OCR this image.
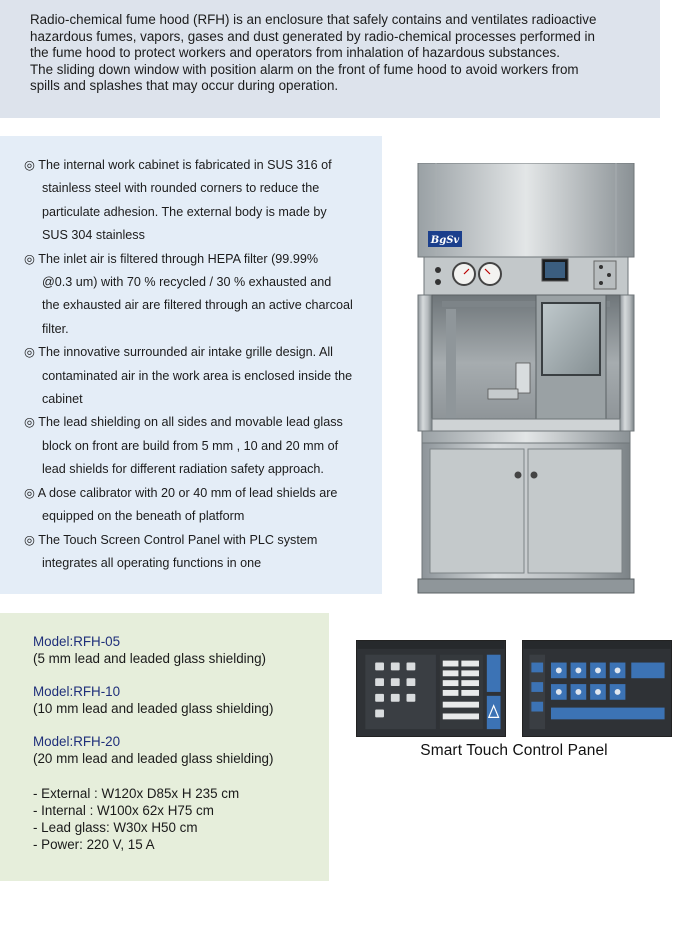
Radio-chemical fume hood (RFH) is an enclosure that safely contains and ventilates radioactive

hazardous fumes, vapors, gases and dust generated by radio-chemical processes performed in

the fume hood to protect workers and operators from inhalation of hazardous substances.

The sliding down window with position alarm on the front of fume hood to avoid workers from

spills and splashes that may occur during operation.

◎ The internal work cabinet is fabricated in SUS 316 of
stainless steel with rounded corners to reduce the
particulate adhesion. The external body is made by
SUS 304 stainless
◎ The inlet air is filtered through HEPA filter (99.99%
@0.3 um) with 70 % recycled / 30 % exhausted and
the exhausted air are filtered through an active charcoal
filter.
◎ The innovative surrounded air intake grille design. All
contaminated air in the work area is enclosed inside the
cabinet
◎ The lead shielding on all sides and movable lead glass
block on front are build from 5 mm , 10 and 20 mm of
lead shields for different radiation safety approach.
◎ A dose calibrator with 20 or 40 mm of lead shields are
equipped on the beneath of platform
◎ The Touch Screen Control Panel with PLC system
integrates all operating functions in one
BgSv
Model:RFH-05
(5 mm lead and leaded glass shielding)
Model:RFH-10
(10 mm lead and leaded glass shielding)
Model:RFH-20
(20 mm lead and leaded glass shielding)
- External : W120x D85x H 235 cm
- Internal : W100x 62x H75 cm
- Lead glass: W30x H50 cm
- Power: 220 V, 15 A
Smart Touch Control Panel
